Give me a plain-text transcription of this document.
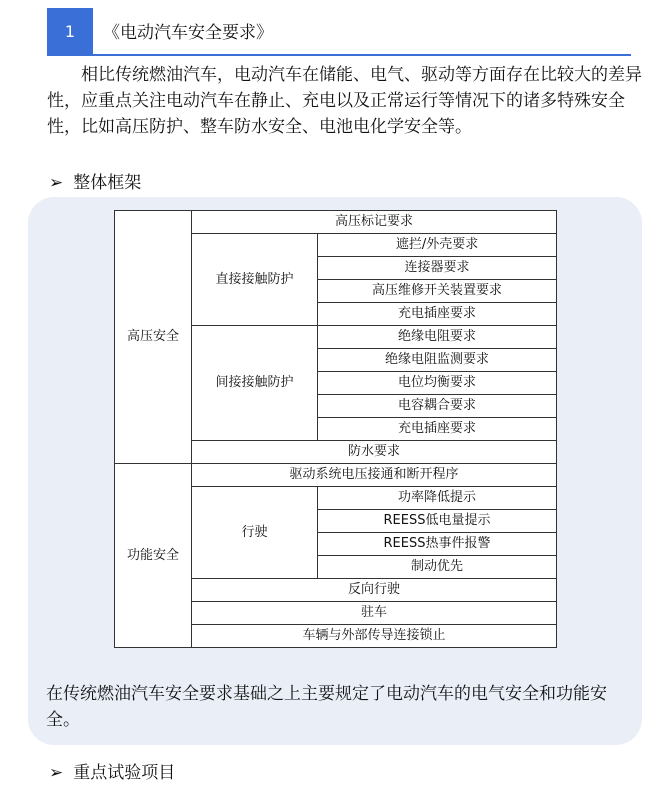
1	《电动汽车安全要求》

相比传统燃油汽车，电动汽车在储能、电气、驱动等方面存在比较大的差异性，应重点关注电动汽车在静止、充电以及正常运行等情况下的诸多特殊安全性，比如高压防护、整车防水安全、电池电化学安全等。

➢ 整体框架
高压安全	高压标记要求	
	直接接触防护	遮拦/外壳要求
		连接器要求
		高压维修开关装置要求
		充电插座要求
	间接接触防护	绝缘电阻要求
		绝缘电阻监测要求
		电位均衡要求
		电容耦合要求
		充电插座要求
	防水要求	
功能安全	驱动系统电压接通和断开程序	
	行驶	功率降低提示
		REESS低电量提示
		REESS热事件报警
		制动优先
	反向行驶	
	驻车	
	车辆与外部传导连接锁止	
在传统燃油汽车安全要求基础之上主要规定了电动汽车的电气安全和功能安全。
➢ 重点试验项目
